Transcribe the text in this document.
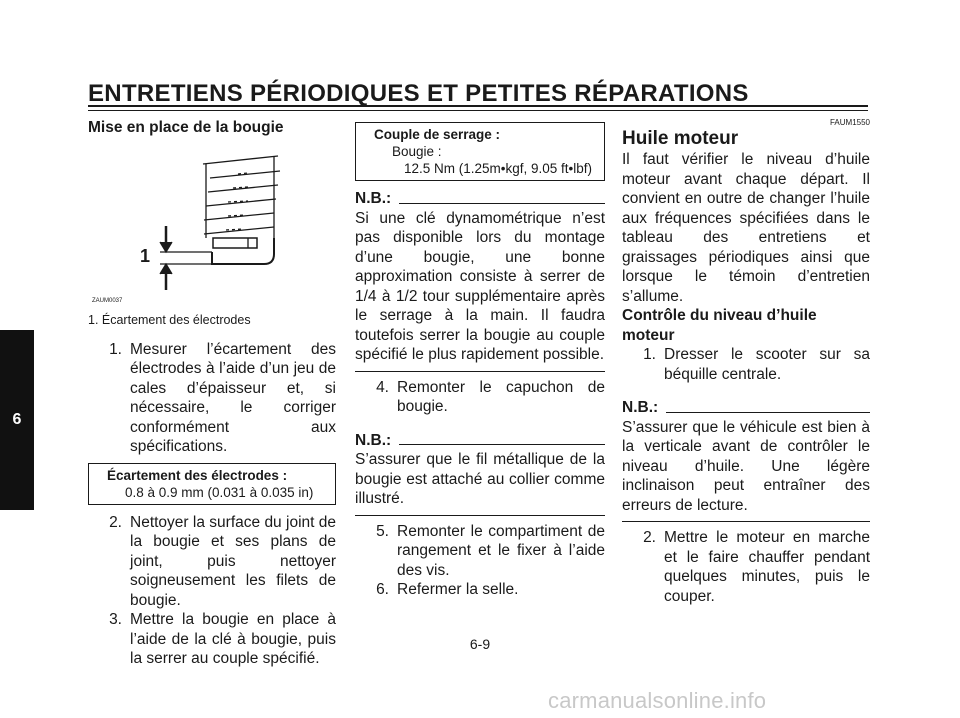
ENTRETIENS PÉRIODIQUES ET PETITES RÉPARATIONS
6
Mise en place de la bougie
1
ZAUM0037
1. Écartement des électrodes
1. Mesurer l’écartement des électrodes à l’aide d’un jeu de cales d’épaisseur et, si nécessaire, le corriger conformément aux spécifications.
Écartement des électrodes :
0.8 à 0.9 mm (0.031 à 0.035 in)
2. Nettoyer la surface du joint de la bougie et ses plans de joint, puis nettoyer soigneusement les filets de bougie.
3. Mettre la bougie en place à l’aide de la clé à bougie, puis la serrer au couple spécifié.
Couple de serrage :
Bougie :
12.5 Nm (1.25m•kgf, 9.05 ft•lbf)
N.B.:
Si une clé dynamométrique n’est pas disponible lors du montage d’une bougie, une bonne approximation consiste à serrer de 1/4 à 1/2 tour supplémentaire après le serrage à la main. Il faudra toutefois serrer la bougie au couple spécifié le plus rapidement possible.
4. Remonter le capuchon de bougie.
N.B.:
S’assurer que le fil métallique de la bougie est attaché au collier comme illustré.
5. Remonter le compartiment de rangement et le fixer à l’aide des vis.
6. Refermer la selle.
FAUM1550
Huile moteur
Il faut vérifier le niveau d’huile moteur avant chaque départ. Il convient en outre de changer l’huile aux fréquences spécifiées dans le tableau des entretiens et graissages périodiques ainsi que lorsque le témoin d’entretien s’allume.
Contrôle du niveau d’huile moteur
1. Dresser le scooter sur sa béquille centrale.
N.B.:
S’assurer que le véhicule est bien à la verticale avant de contrôler le niveau d’huile. Une légère inclinaison peut entraîner des erreurs de lecture.
2. Mettre le moteur en marche et le faire chauffer pendant quelques minutes, puis le couper.
6-9
carmanualsonline.info
